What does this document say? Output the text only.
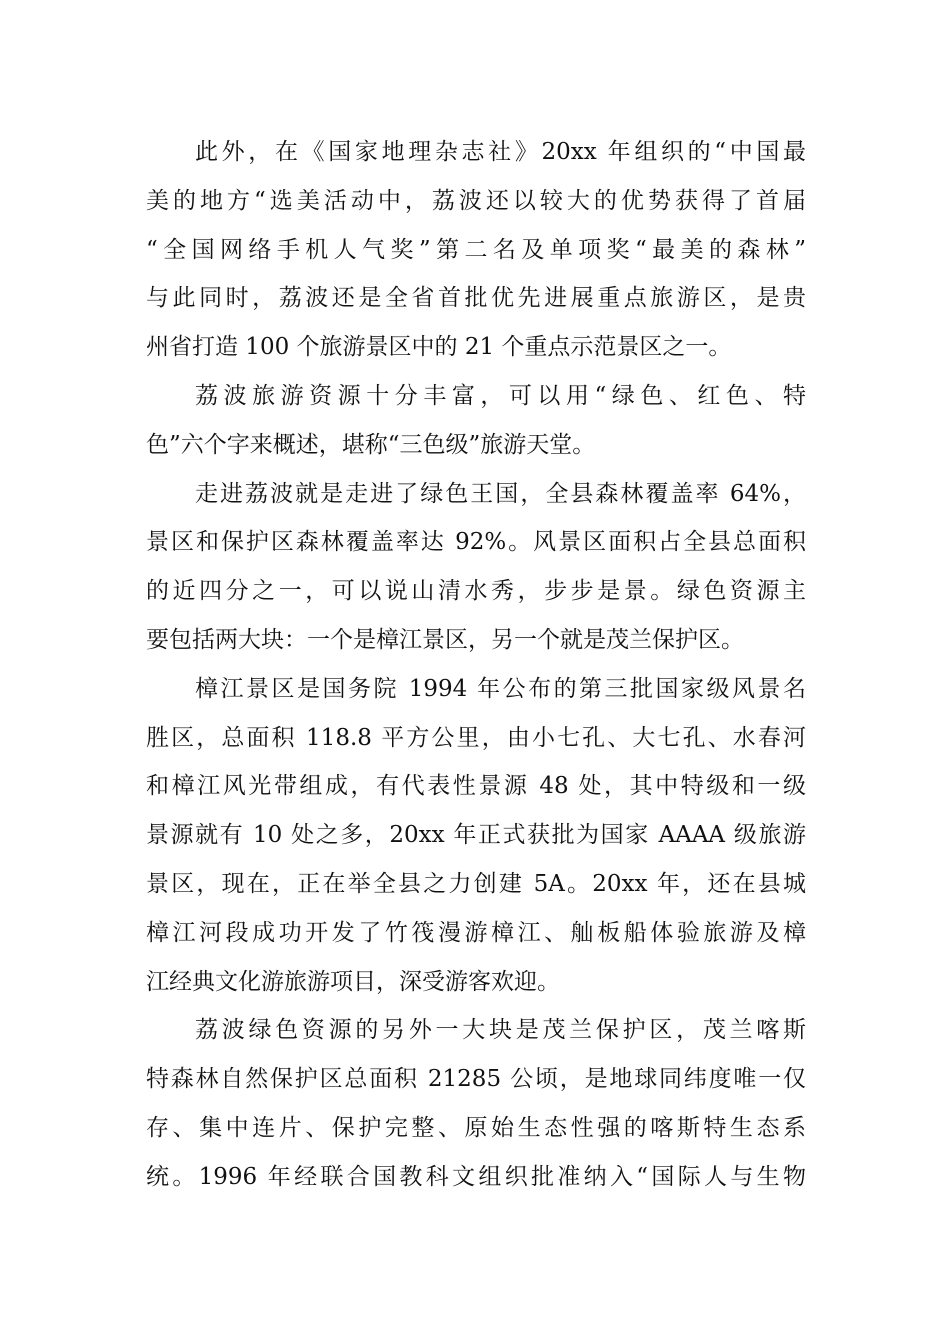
此外，在《国家地理杂志社》20xx 年组织的“中国最
美的地方“选美活动中，荔波还以较大的优势获得了首届
“全国网络手机人气奖”第二名及单项奖“最美的森林”
与此同时，荔波还是全省首批优先进展重点旅游区，是贵
州省打造 100 个旅游景区中的 21 个重点示范景区之一。
荔波旅游资源十分丰富，可以用“绿色、红色、特
色”六个字来概述，堪称“三色级”旅游天堂。
走进荔波就是走进了绿色王国，全县森林覆盖率 64%，
景区和保护区森林覆盖率达 92%。风景区面积占全县总面积
的近四分之一，可以说山清水秀，步步是景。绿色资源主
要包括两大块：一个是樟江景区，另一个就是茂兰保护区。
樟江景区是国务院 1994 年公布的第三批国家级风景名
胜区，总面积 118.8 平方公里，由小七孔、大七孔、水春河
和樟江风光带组成，有代表性景源 48 处，其中特级和一级
景源就有 10 处之多，20xx 年正式获批为国家 AAAA 级旅游
景区，现在，正在举全县之力创建 5A。20xx 年，还在县城
樟江河段成功开发了竹筏漫游樟江、舢板船体验旅游及樟
江经典文化游旅游项目，深受游客欢迎。
荔波绿色资源的另外一大块是茂兰保护区，茂兰喀斯
特森林自然保护区总面积 21285 公顷，是地球同纬度唯一仅
存、集中连片、保护完整、原始生态性强的喀斯特生态系
统。1996 年经联合国教科文组织批准纳入“国际人与生物
